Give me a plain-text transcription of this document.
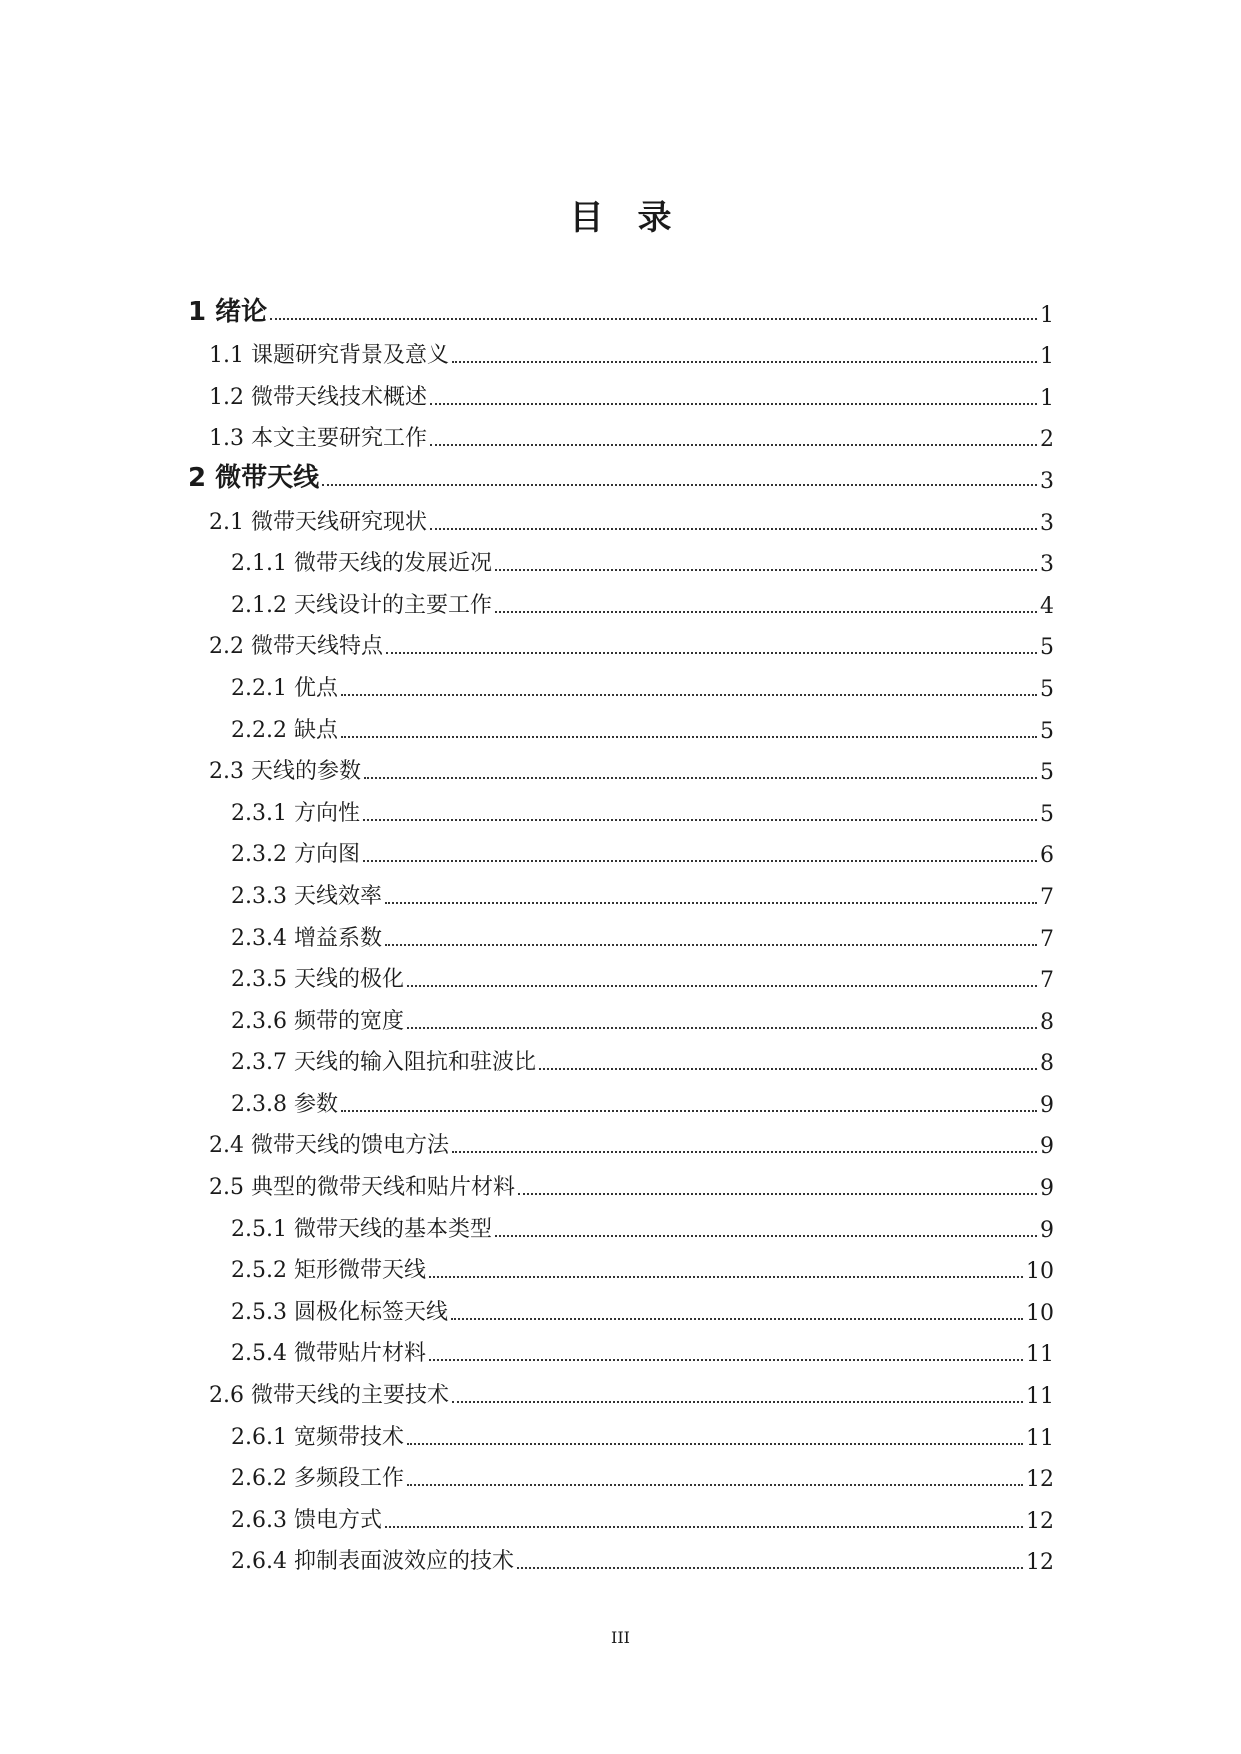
目　录
1 绪论	1
1.1 课题研究背景及意义	1
1.2 微带天线技术概述	1
1.3 本文主要研究工作	2
2 微带天线	3
2.1 微带天线研究现状	3
2.1.1 微带天线的发展近况	3
2.1.2 天线设计的主要工作	4
2.2 微带天线特点	5
2.2.1 优点	5
2.2.2 缺点	5
2.3 天线的参数	5
2.3.1 方向性	5
2.3.2 方向图	6
2.3.3 天线效率	7
2.3.4 增益系数	7
2.3.5 天线的极化	7
2.3.6 频带的宽度	8
2.3.7 天线的输入阻抗和驻波比	8
2.3.8 参数	9
2.4 微带天线的馈电方法	9
2.5 典型的微带天线和贴片材料	9
2.5.1 微带天线的基本类型	9
2.5.2 矩形微带天线	10
2.5.3 圆极化标签天线	10
2.5.4 微带贴片材料	11
2.6 微带天线的主要技术	11
2.6.1 宽频带技术	11
2.6.2 多频段工作	12
2.6.3 馈电方式	12
2.6.4 抑制表面波效应的技术	12
III
